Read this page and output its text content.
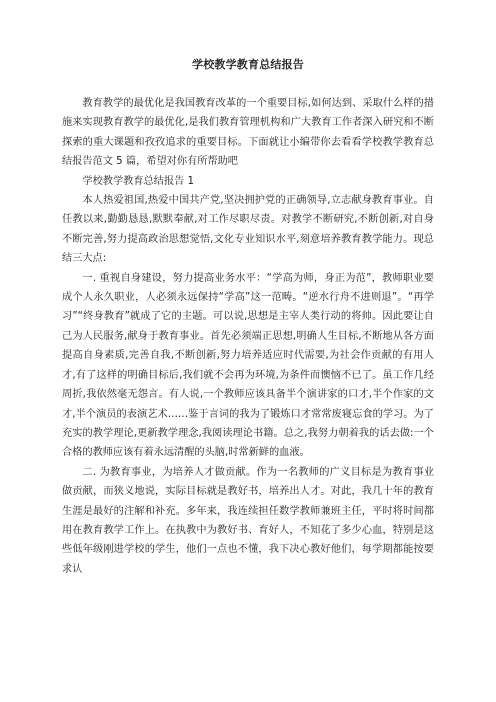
学校教学教育总结报告

教育教学的最优化是我国教育改革的一个重要目标,如何达到、采取什么样的措施来实现教育教学的最优化,是我们教育管理机构和广大教育工作者深入研究和不断探索的重大课题和孜孜追求的重要目标。下面就让小编带你去看看学校教学教育总结报告范文 5 篇，希望对你有所帮助吧

学校教学教育总结报告 1

本人热爱祖国,热爱中国共产党,坚决拥护党的正确领导,立志献身教育事业。自任教以来,勤勤恳恳,默默奉献,对工作尽职尽责。对教学不断研究,不断创新,对自身不断完善,努力提高政治思想觉悟,文化专业知识水平,刻意培养教育教学能力。现总结三大点:

一. 重视自身建设，努力提高业务水平：“学高为师，身正为范”，教师职业要成个人永久职业，人必须永远保持“学高”这一范畴。“逆水行舟不进则退”。“再学习”“终身教育”就成了它的主题。可以说,思想是主宰人类行动的将帅。因此要让自己为人民服务,献身于教育事业。首先必须端正思想,明确人生目标,不断地从各方面提高自身素质,完善自我,不断创新,努力培养适应时代需要,为社会作贡献的有用人才,有了这样的明确目标后,我们就不会再为环境,为条件而懊恼不已了。虽工作几经周折,我依然毫无怨言。有人说,一个教师应该具备半个演讲家的口才,半个作家的文才,半个演员的表演艺术……鉴于言词的我为了锻炼口才常常废寝忘食的学习。为了充实的教学理论,更新教学理念,我阅读理论书籍。总之,我努力朝着我的话去做:一个合格的教师应该有着永远清醒的头脑,时常新鲜的血液。

二. 为教育事业，为培养人才做贡献。作为一名教师的广义目标是为教育事业做贡献，而狭义地说，实际目标就是教好书，培养出人才。对此，我几十年的教育生涯是最好的注解和补充。多年来，我连续担任数学教师兼班主任，平时将时间都用在教育教学工作上。在执教中为教好书、育好人，不知花了多少心血，特别是这些低年级刚进学校的学生，他们一点也不懂，我下决心教好他们，每学期都能按要求认
